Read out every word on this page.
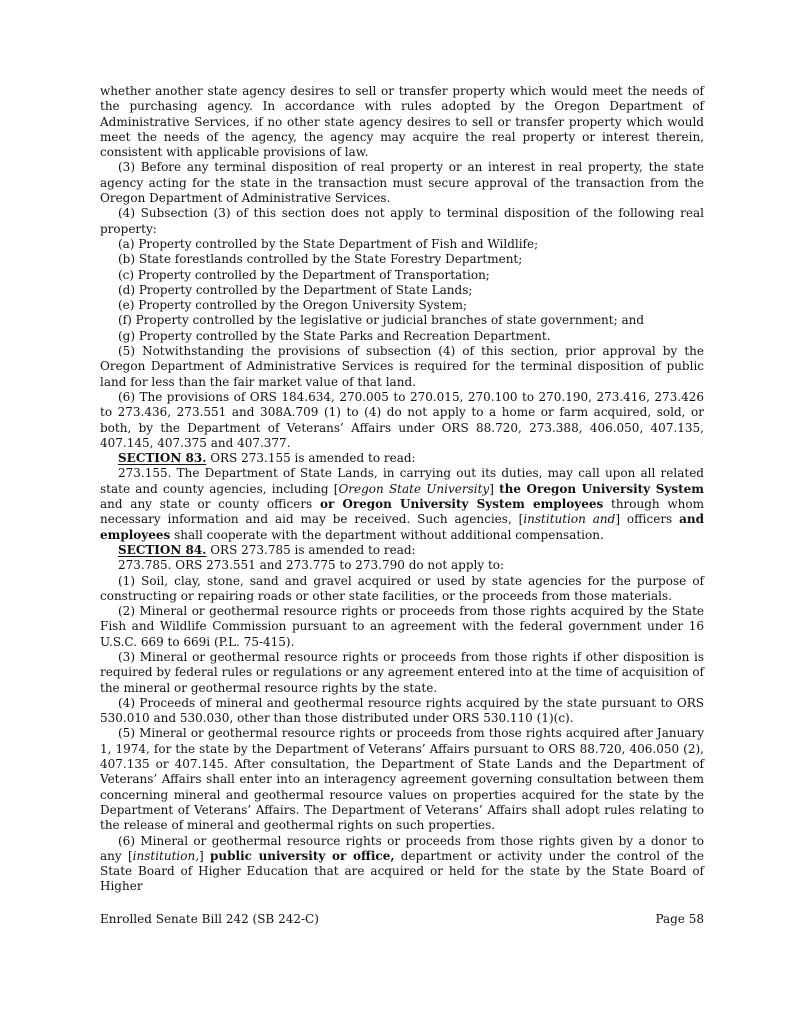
whether another state agency desires to sell or transfer property which would meet the needs of the purchasing agency. In accordance with rules adopted by the Oregon Department of Administrative Services, if no other state agency desires to sell or transfer property which would meet the needs of the agency, the agency may acquire the real property or interest therein, consistent with applicable provisions of law.

(3) Before any terminal disposition of real property or an interest in real property, the state agency acting for the state in the transaction must secure approval of the transaction from the Oregon Department of Administrative Services.

(4) Subsection (3) of this section does not apply to terminal disposition of the following real property:

(a) Property controlled by the State Department of Fish and Wildlife;

(b) State forestlands controlled by the State Forestry Department;

(c) Property controlled by the Department of Transportation;

(d) Property controlled by the Department of State Lands;

(e) Property controlled by the Oregon University System;

(f) Property controlled by the legislative or judicial branches of state government; and

(g) Property controlled by the State Parks and Recreation Department.

(5) Notwithstanding the provisions of subsection (4) of this section, prior approval by the Oregon Department of Administrative Services is required for the terminal disposition of public land for less than the fair market value of that land.

(6) The provisions of ORS 184.634, 270.005 to 270.015, 270.100 to 270.190, 273.416, 273.426 to 273.436, 273.551 and 308A.709 (1) to (4) do not apply to a home or farm acquired, sold, or both, by the Department of Veterans’ Affairs under ORS 88.720, 273.388, 406.050, 407.135, 407.145, 407.375 and 407.377.

SECTION 83. ORS 273.155 is amended to read:

273.155. The Department of State Lands, in carrying out its duties, may call upon all related state and county agencies, including [Oregon State University] the Oregon University System and any state or county officers or Oregon University System employees through whom necessary information and aid may be received. Such agencies, [institution and] officers and employees shall cooperate with the department without additional compensation.

SECTION 84. ORS 273.785 is amended to read:

273.785. ORS 273.551 and 273.775 to 273.790 do not apply to:

(1) Soil, clay, stone, sand and gravel acquired or used by state agencies for the purpose of constructing or repairing roads or other state facilities, or the proceeds from those materials.

(2) Mineral or geothermal resource rights or proceeds from those rights acquired by the State Fish and Wildlife Commission pursuant to an agreement with the federal government under 16 U.S.C. 669 to 669i (P.L. 75-415).

(3) Mineral or geothermal resource rights or proceeds from those rights if other disposition is required by federal rules or regulations or any agreement entered into at the time of acquisition of the mineral or geothermal resource rights by the state.

(4) Proceeds of mineral and geothermal resource rights acquired by the state pursuant to ORS 530.010 and 530.030, other than those distributed under ORS 530.110 (1)(c).

(5) Mineral or geothermal resource rights or proceeds from those rights acquired after January 1, 1974, for the state by the Department of Veterans’ Affairs pursuant to ORS 88.720, 406.050 (2), 407.135 or 407.145. After consultation, the Department of State Lands and the Department of Veterans’ Affairs shall enter into an interagency agreement governing consultation between them concerning mineral and geothermal resource values on properties acquired for the state by the Department of Veterans’ Affairs. The Department of Veterans’ Affairs shall adopt rules relating to the release of mineral and geothermal rights on such properties.

(6) Mineral or geothermal resource rights or proceeds from those rights given by a donor to any [institution,] public university or office, department or activity under the control of the State Board of Higher Education that are acquired or held for the state by the State Board of Higher

Enrolled Senate Bill 242 (SB 242-C)	Page 58
